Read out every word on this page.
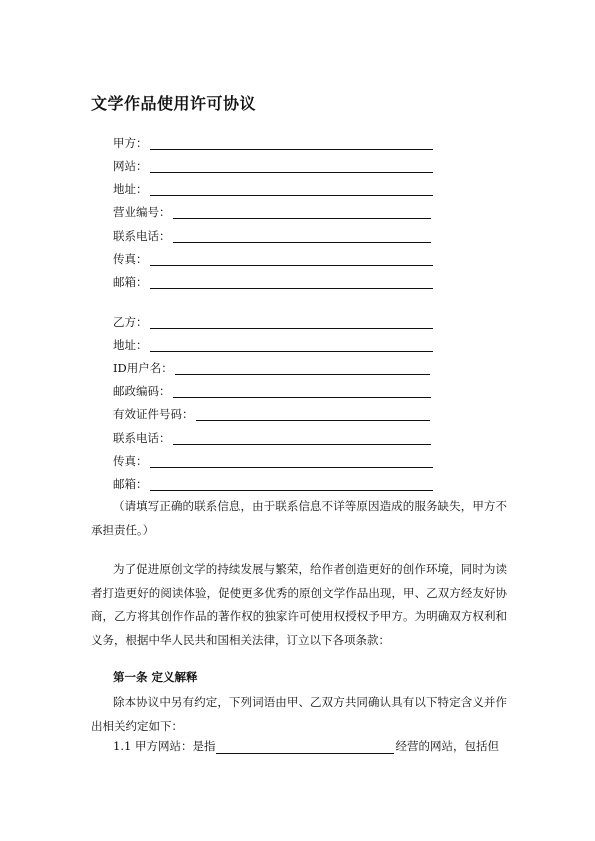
文学作品使用许可协议
甲方：
网站：
地址：
营业编号：
联系电话：
传真：
邮箱：
乙方：
地址：
ID用户名：
邮政编码：
有效证件号码：
联系电话：
传真：
邮箱：
（请填写正确的联系信息，由于联系信息不详等原因造成的服务缺失，甲方不承担责任。）
为了促进原创文学的持续发展与繁荣，给作者创造更好的创作环境，同时为读者打造更好的阅读体验，促使更多优秀的原创文学作品出现，甲、乙双方经友好协商，乙方将其创作作品的著作权的独家许可使用权授权予甲方。为明确双方权利和义务，根据中华人民共和国相关法律，订立以下各项条款：
第一条 定义解释
除本协议中另有约定，下列词语由甲、乙双方共同确认具有以下特定含义并作出相关约定如下：
1.1 甲方网站：是指	经营的网站，包括但
